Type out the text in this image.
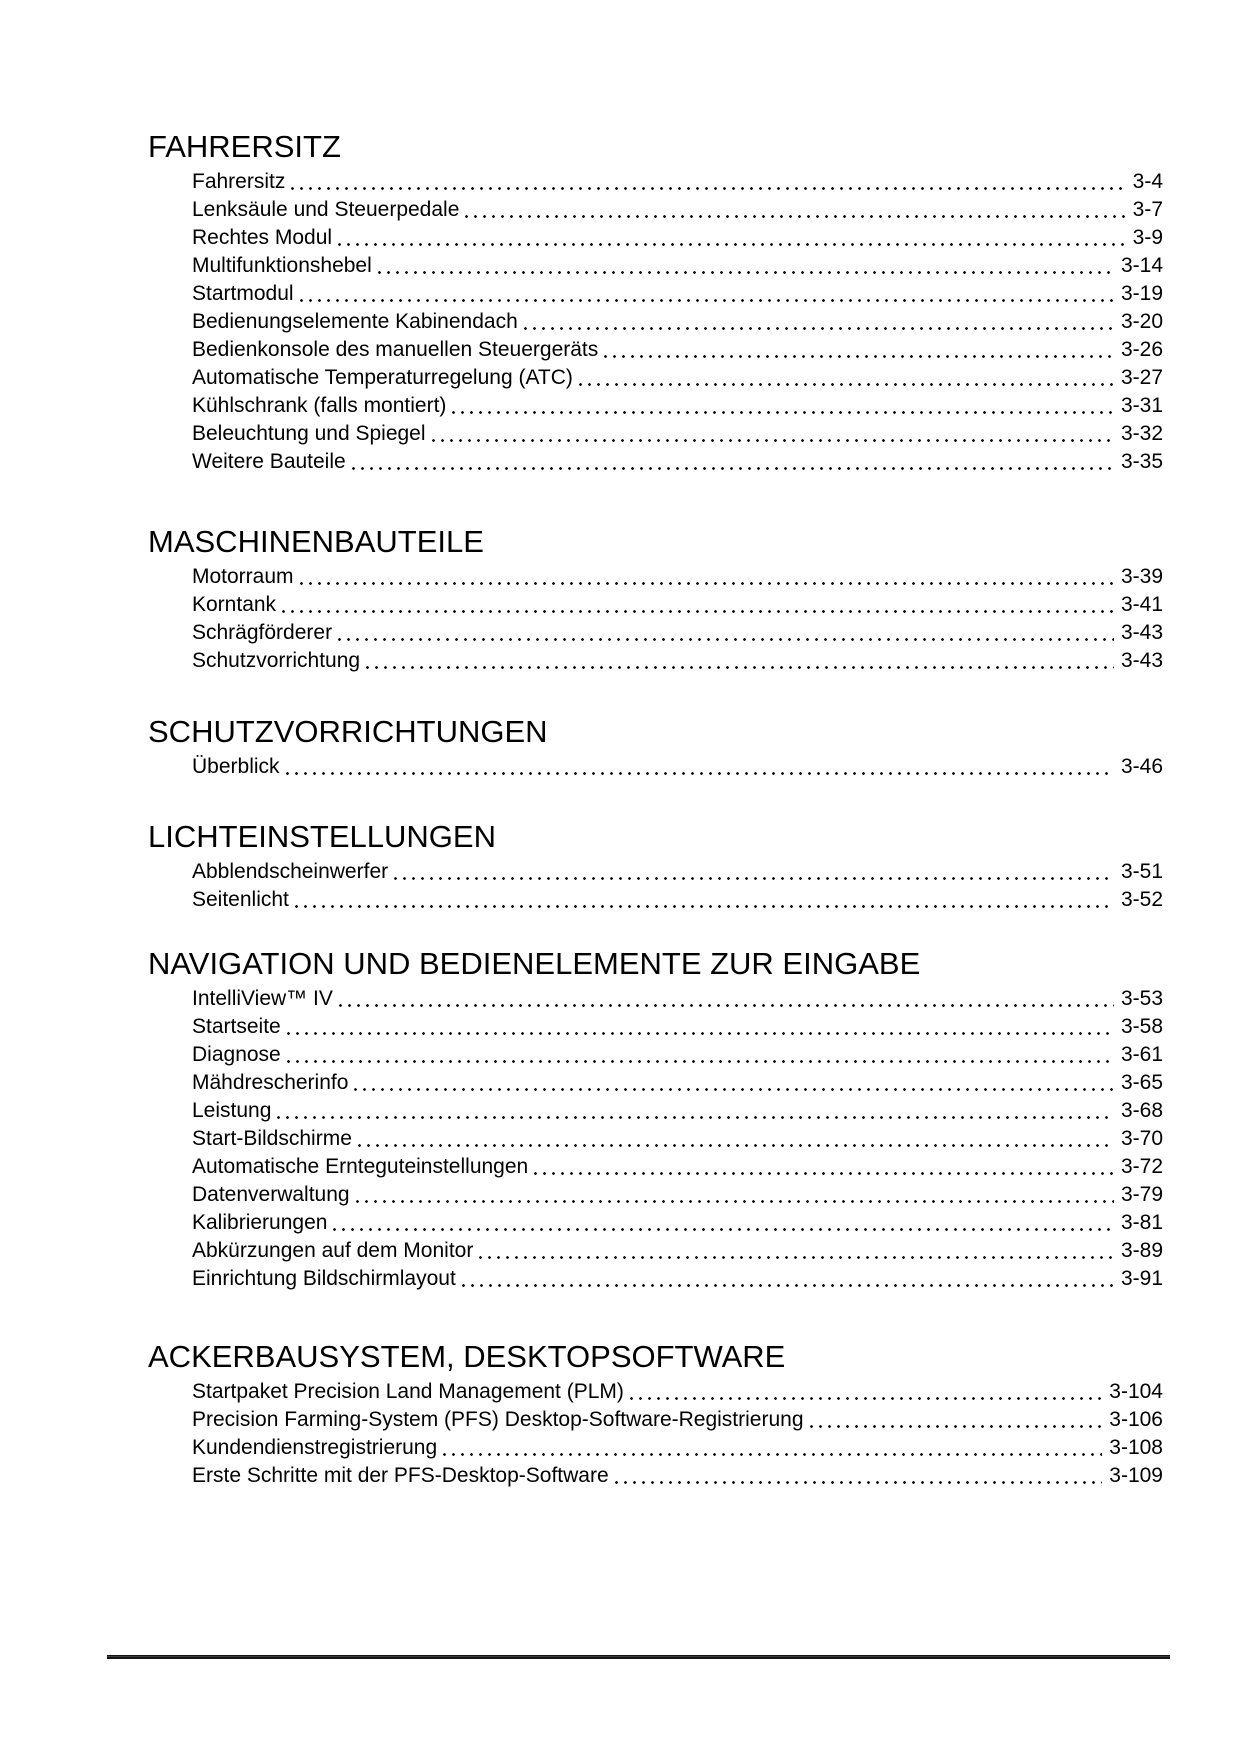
FAHRERSITZ
Fahrersitz	3-4
Lenksäule und Steuerpedale	3-7
Rechtes Modul	3-9
Multifunktionshebel	3-14
Startmodul	3-19
Bedienungselemente Kabinendach	3-20
Bedienkonsole des manuellen Steuergeräts	3-26
Automatische Temperaturregelung (ATC)	3-27
Kühlschrank (falls montiert)	3-31
Beleuchtung und Spiegel	3-32
Weitere Bauteile	3-35
MASCHINENBAUTEILE
Motorraum	3-39
Korntank	3-41
Schrägförderer	3-43
Schutzvorrichtung	3-43
SCHUTZVORRICHTUNGEN
Überblick	3-46
LICHTEINSTELLUNGEN
Abblendscheinwerfer	3-51
Seitenlicht	3-52
NAVIGATION UND BEDIENELEMENTE ZUR EINGABE
IntelliView™ IV	3-53
Startseite	3-58
Diagnose	3-61
Mähdrescherinfo	3-65
Leistung	3-68
Start-Bildschirme	3-70
Automatische Ernteguteinstellungen	3-72
Datenverwaltung	3-79
Kalibrierungen	3-81
Abkürzungen auf dem Monitor	3-89
Einrichtung Bildschirmlayout	3-91
ACKERBAUSYSTEM, DESKTOPSOFTWARE
Startpaket Precision Land Management (PLM)	3-104
Precision Farming-System (PFS) Desktop-Software-Registrierung	3-106
Kundendienstregistrierung	3-108
Erste Schritte mit der PFS-Desktop-Software	3-109
